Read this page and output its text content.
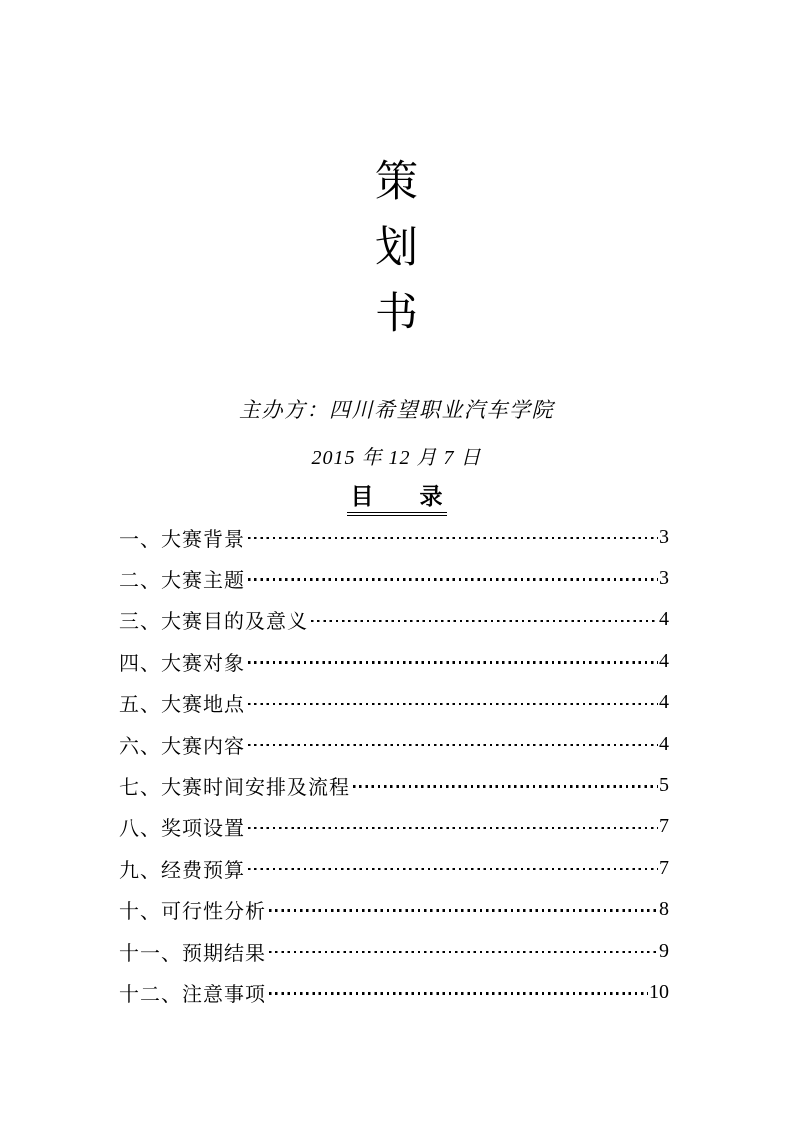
策
划
书
主办方：四川希望职业汽车学院
2015 年 12 月 7 日
目　　录
一、大赛背景	3
二、大赛主题	3
三、大赛目的及意义	4
四、大赛对象	4
五、大赛地点	4
六、大赛内容	4
七、大赛时间安排及流程	5
八、奖项设置	7
九、经费预算	7
十、可行性分析	8
十一、预期结果	9
十二、注意事项	10
